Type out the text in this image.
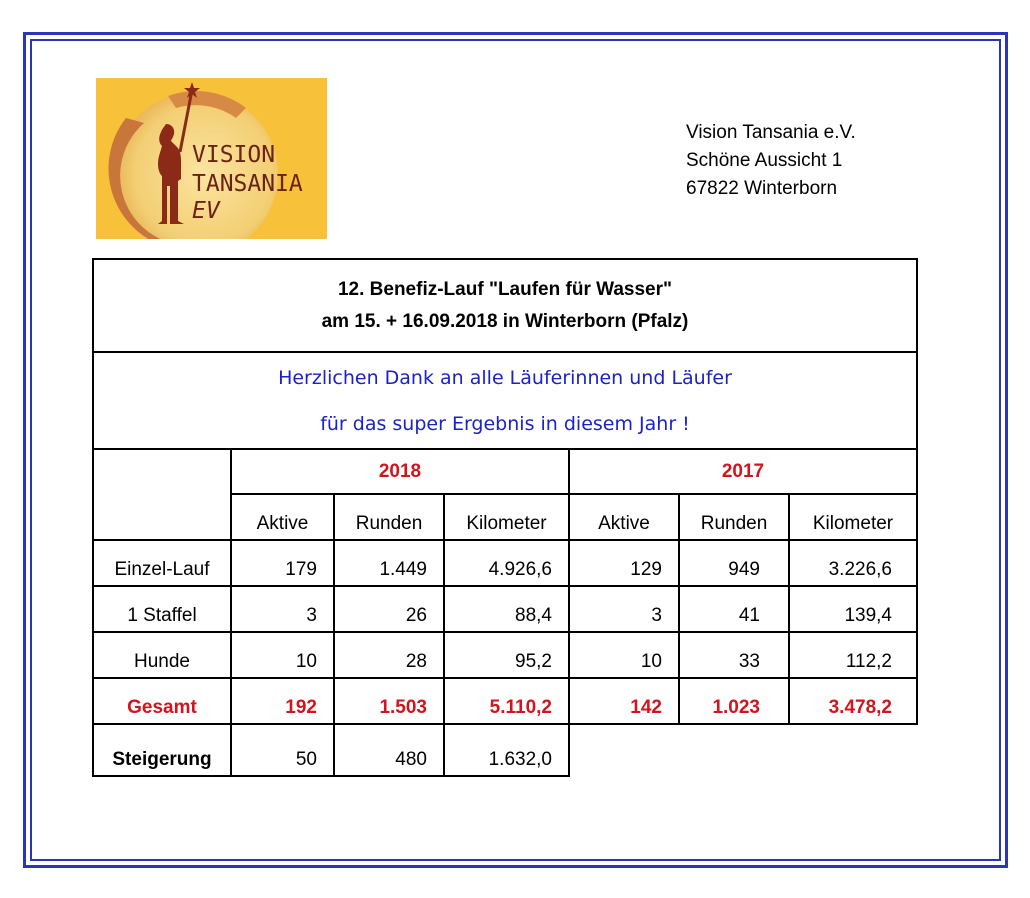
VISION
TANSANIA
EV
Vision Tansania e.V.
Schöne Aussicht 1
67822 Winterborn
12. Benefiz-Lauf "Laufen für Wasser"
am 15. + 16.09.2018 in Winterborn (Pfalz)						

Herzlichen Dank an alle Läuferinnen und Läufer
für das super Ergebnis in diesem Jahr !						

	2018			2017		
	Aktive	Runden	Kilometer	Aktive	Runden	Kilometer
Einzel-Lauf	179	1.449	4.926,6	129	949	3.226,6
1 Staffel	3	26	88,4	3	41	139,4
Hunde	10	28	95,2	10	33	112,2
Gesamt	192	1.503	5.110,2	142	1.023	3.478,2
Steigerung	50	480	1.632,0			
